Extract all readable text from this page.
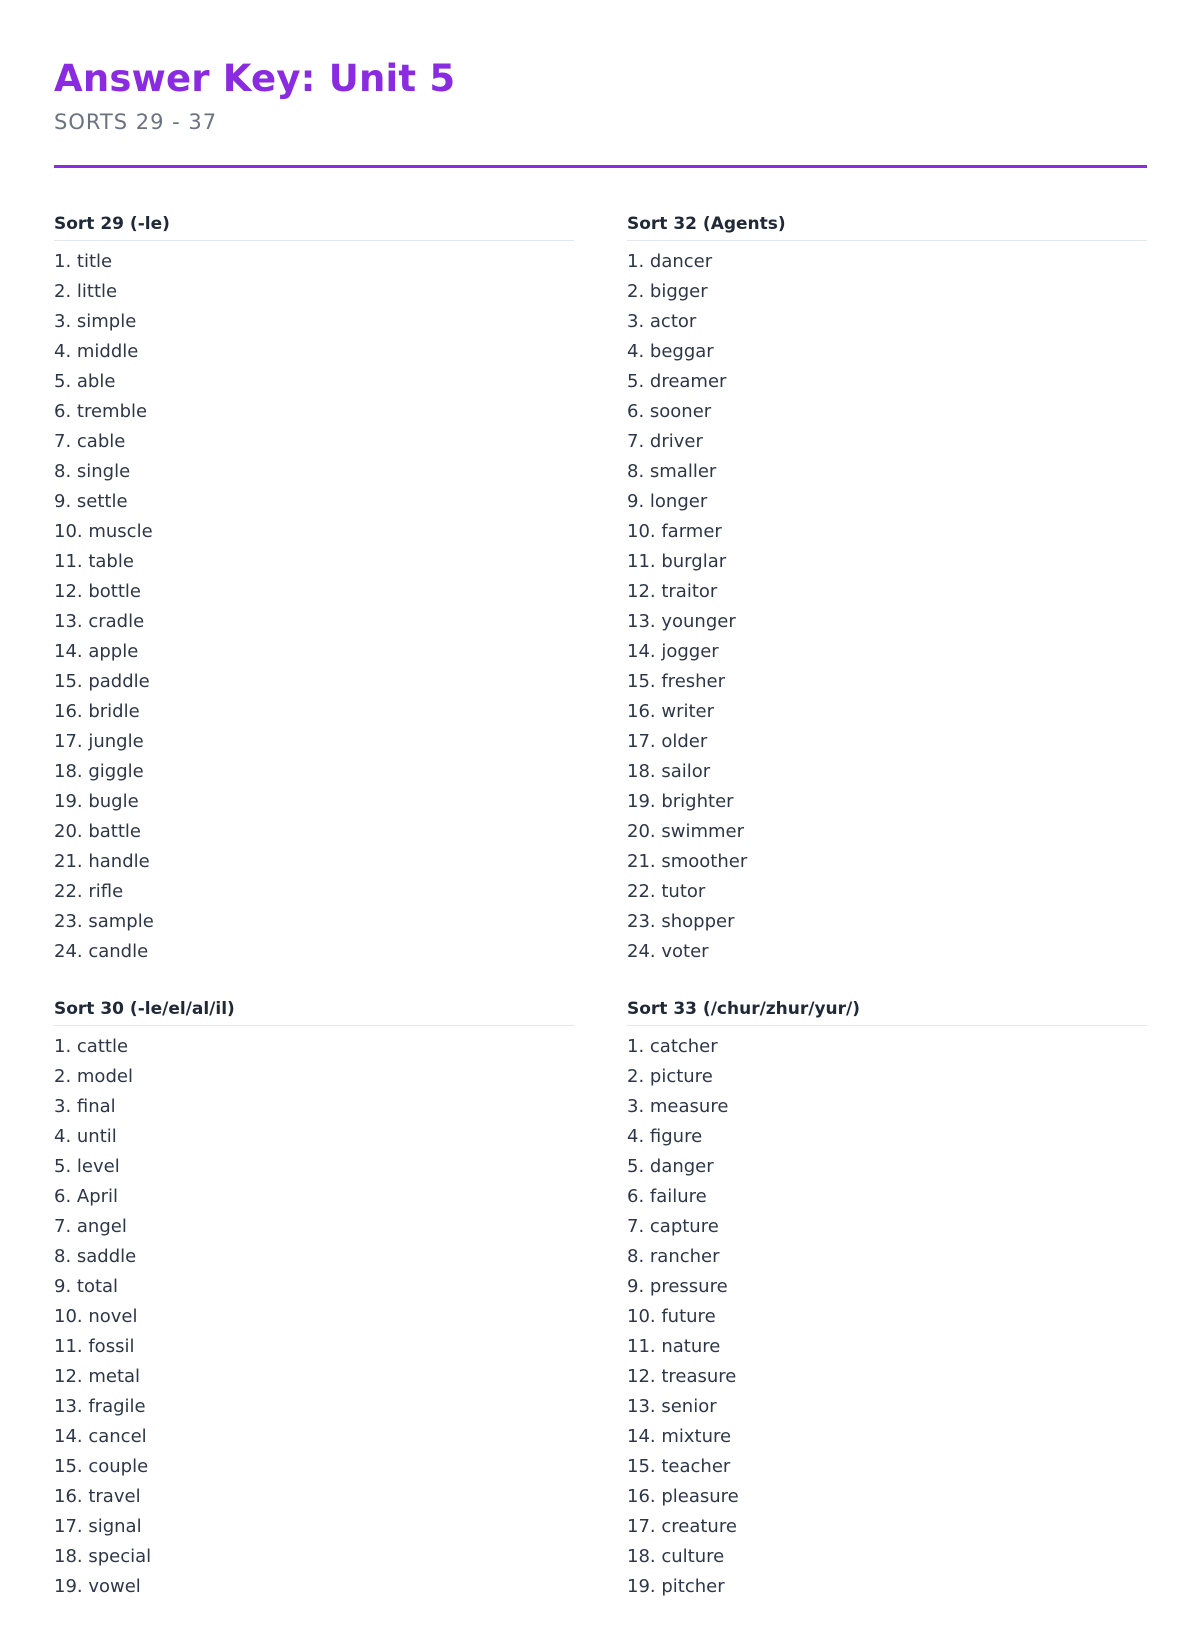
Answer Key: Unit 5
SORTS 29 - 37
Sort 29 (-le)
1. title
2. little
3. simple
4. middle
5. able
6. tremble
7. cable
8. single
9. settle
10. muscle
11. table
12. bottle
13. cradle
14. apple
15. paddle
16. bridle
17. jungle
18. giggle
19. bugle
20. battle
21. handle
22. rifle
23. sample
24. candle
Sort 30 (-le/el/al/il)
1. cattle
2. model
3. final
4. until
5. level
6. April
7. angel
8. saddle
9. total
10. novel
11. fossil
12. metal
13. fragile
14. cancel
15. couple
16. travel
17. signal
18. special
19. vowel
Sort 32 (Agents)
1. dancer
2. bigger
3. actor
4. beggar
5. dreamer
6. sooner
7. driver
8. smaller
9. longer
10. farmer
11. burglar
12. traitor
13. younger
14. jogger
15. fresher
16. writer
17. older
18. sailor
19. brighter
20. swimmer
21. smoother
22. tutor
23. shopper
24. voter
Sort 33 (/chur/zhur/yur/)
1. catcher
2. picture
3. measure
4. figure
5. danger
6. failure
7. capture
8. rancher
9. pressure
10. future
11. nature
12. treasure
13. senior
14. mixture
15. teacher
16. pleasure
17. creature
18. culture
19. pitcher
